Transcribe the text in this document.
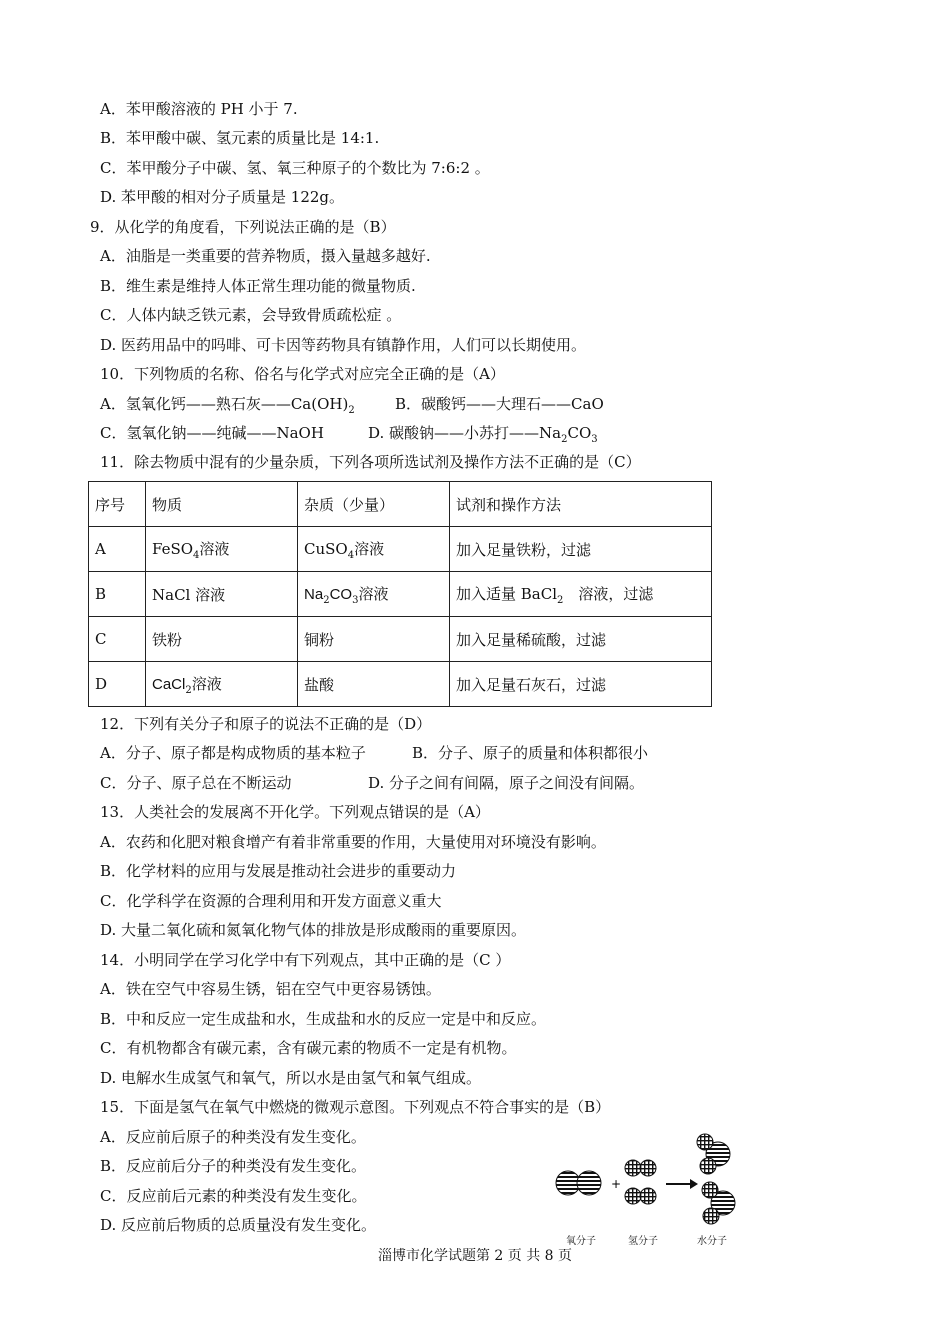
A．苯甲酸溶液的 PH 小于 7.
B．苯甲酸中碳、氢元素的质量比是 14:1.
C．苯甲酸分子中碳、氢、氧三种原子的个数比为 7:6:2 。
D. 苯甲酸的相对分子质量是 122g。
9．从化学的角度看，下列说法正确的是（B）
A．油脂是一类重要的营养物质，摄入量越多越好.
B．维生素是维持人体正常生理功能的微量物质.
C．人体内缺乏铁元素，会导致骨质疏松症 。
D. 医药用品中的吗啡、可卡因等药物具有镇静作用，人们可以长期使用。
10．下列物质的名称、俗名与化学式对应完全正确的是（A）
A．氢氧化钙——熟石灰$——Ca(OH)_2$	B．碳酸钙——大理石——CaO
C．氢氧化钠——纯碱——NaOH	D. 碳酸钠——小苏打$——Na_2CO_3$
11．除去物质中混有的少量杂质，下列各项所选试剂及操作方法不正确的是（C）
序号	物质	杂质（少量）	试剂和操作方法
A	FeSO$_4$溶液	CuSO$_4$溶液	加入足量铁粉，过滤
B	NaCl 溶液	$Na_2CO_3$溶液	加入适量 BaCl$_2$　溶液，过滤
C	铁粉	铜粉	加入足量稀硫酸，过滤
D	CaCl$_2$溶液	盐酸	加入足量石灰石，过滤
12．下列有关分子和原子的说法不正确的是（D）
A．分子、原子都是构成物质的基本粒子	B．分子、原子的质量和体积都很小
C．分子、原子总在不断运动	D. 分子之间有间隔，原子之间没有间隔。
13．人类社会的发展离不开化学。下列观点错误的是（A）
A．农药和化肥对粮食增产有着非常重要的作用，大量使用对环境没有影响。
B．化学材料的应用与发展是推动社会进步的重要动力
C．化学科学在资源的合理利用和开发方面意义重大
D. 大量二氧化硫和氮氧化物气体的排放是形成酸雨的重要原因。
14．小明同学在学习化学中有下列观点，其中正确的是（C ）
A．铁在空气中容易生锈，铝在空气中更容易锈蚀。
B．中和反应一定生成盐和水，生成盐和水的反应一定是中和反应。
C．有机物都含有碳元素，含有碳元素的物质不一定是有机物。
D. 电解水生成氢气和氧气，所以水是由氢气和氧气组成。
15．下面是氢气在氧气中燃烧的微观示意图。下列观点不符合事实的是（B）
A．反应前后原子的种类没有发生变化。
B．反应前后分子的种类没有发生变化。
C．反应前后元素的种类没有发生变化。
D. 反应前后物质的总质量没有发生变化。
+
氧分子	氢分子	水分子
淄博市化学试题第 2 页 共 8 页
